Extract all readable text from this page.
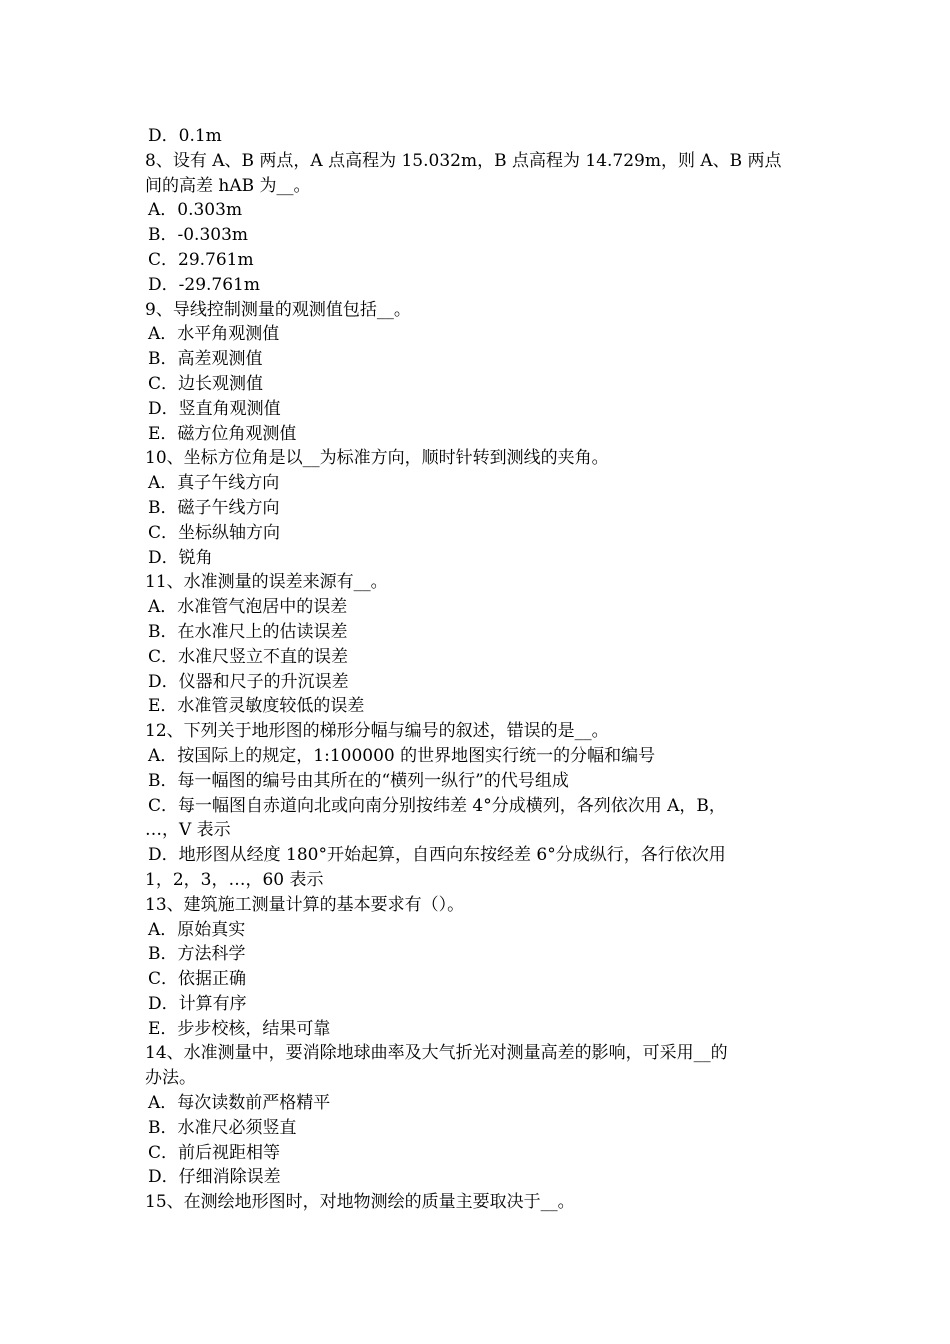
D．0.1m
8、设有 A、B 两点，A 点高程为 15.032m，B 点高程为 14.729m，则 A、B 两点
间的高差 hAB 为__。
A．0.303m
B．-0.303m
C．29.761m
D．-29.761m
9、导线控制测量的观测值包括__。
A．水平角观测值
B．高差观测值
C．边长观测值
D．竖直角观测值
E．磁方位角观测值
10、坐标方位角是以__为标准方向，顺时针转到测线的夹角。
A．真子午线方向
B．磁子午线方向
C．坐标纵轴方向
D．锐角
11、水准测量的误差来源有__。
A．水准管气泡居中的误差
B．在水准尺上的估读误差
C．水准尺竖立不直的误差
D．仪器和尺子的升沉误差
E．水准管灵敏度较低的误差
12、下列关于地形图的梯形分幅与编号的叙述，错误的是__。
A．按国际上的规定，1:100000 的世界地图实行统一的分幅和编号
B．每一幅图的编号由其所在的“横列一纵行”的代号组成
C．每一幅图自赤道向北或向南分别按纬差 4°分成横列，各列依次用 A，B，
…，V 表示
D．地形图从经度 180°开始起算，自西向东按经差 6°分成纵行，各行依次用
1，2，3，…，60 表示
13、建筑施工测量计算的基本要求有（）。
A．原始真实
B．方法科学
C．依据正确
D．计算有序
E．步步校核，结果可靠
14、水准测量中，要消除地球曲率及大气折光对测量高差的影响，可采用__的
办法。
A．每次读数前严格精平
B．水准尺必须竖直
C．前后视距相等
D．仔细消除误差
15、在测绘地形图时，对地物测绘的质量主要取决于__。
